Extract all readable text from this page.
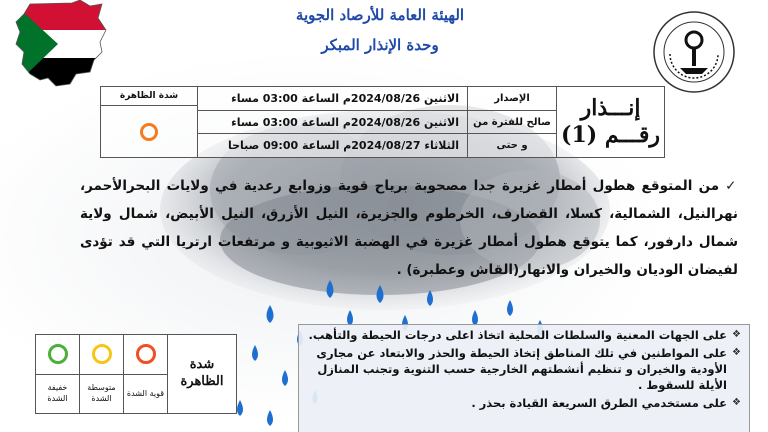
الهيئة العامة للأرصاد الجوية
وحدة الإنذار المبكر
إنـــذار
رقـــم (1)
الإصدار
صالح للفترة من
و حتى
الاثنين 2024/08/26م الساعة 03:00 مساء
الاثنين 2024/08/26م الساعة 03:00 مساء
الثلاثاء 2024/08/27م الساعة 09:00 صباحا
شدة الظاهرة
✓من المتوقع هطول أمطار غزيرة جدا مصحوبة برياح قوية وزوابع رعدية في ولايات البحرالأحمر، نهرالنيل، الشمالية، كسلا، القضارف، الخرطوم والجزيرة، النيل الأزرق، النيل الأبيض، شمال ولاية شمال دارفور، كما يتوقع هطول أمطار غزيرة في الهضبة الاثيوبية و مرتفعات ارتريا التي قد تؤدى لفيضان الوديان والخيران والانهار(القاش وعطبرة) .
شدة الظاهرة
قوية الشدة
متوسطة الشدة
خفيفة الشدة
❖
على الجهات المعنية والسلطات المحلية اتخاذ اعلى درجات الحيطة والتأهب.
❖
على المواطنين في تلك المناطق إتخاذ الحيطة والحذر والابتعاد عن مجارى الأودية والخيران و تنظيم أنشطتهم الخارجية حسب التنوية وتجنب المنازل الأيلة للسقوط .
❖
على مستخدمي الطرق السريعة القيادة بحذر .
